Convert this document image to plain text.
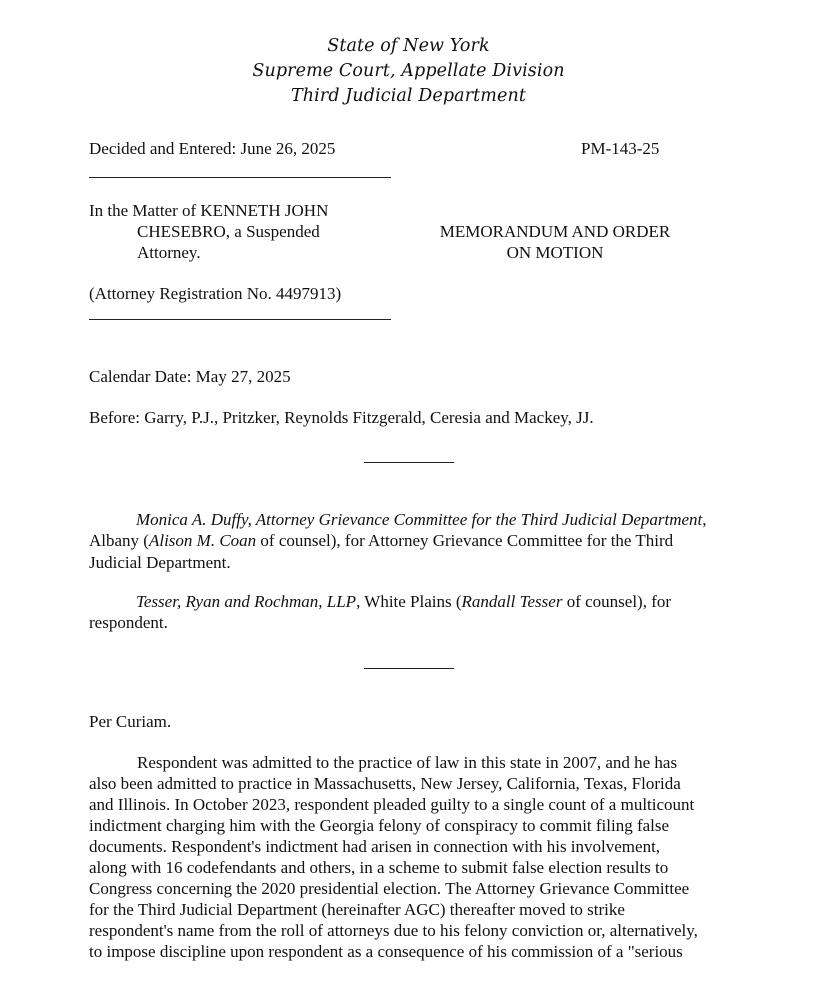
State of New York
Supreme Court, Appellate Division
Third Judicial Department
Decided and Entered: June 26, 2025	PM-143-25
In the Matter of KENNETH JOHN
CHESEBRO, a Suspended
Attorney.
MEMORANDUM AND ORDER
ON MOTION
(Attorney Registration No. 4497913)
Calendar Date: May 27, 2025
Before: Garry, P.J., Pritzker, Reynolds Fitzgerald, Ceresia and Mackey, JJ.
Monica A. Duffy, Attorney Grievance Committee for the Third Judicial Department, Albany (Alison M. Coan of counsel), for Attorney Grievance Committee for the Third Judicial Department.
Tesser, Ryan and Rochman, LLP, White Plains (Randall Tesser of counsel), for respondent.
Per Curiam.
Respondent was admitted to the practice of law in this state in 2007, and he has
also been admitted to practice in Massachusetts, New Jersey, California, Texas, Florida
and Illinois. In October 2023, respondent pleaded guilty to a single count of a multicount
indictment charging him with the Georgia felony of conspiracy to commit filing false
documents. Respondent's indictment had arisen in connection with his involvement,
along with 16 codefendants and others, in a scheme to submit false election results to
Congress concerning the 2020 presidential election. The Attorney Grievance Committee
for the Third Judicial Department (hereinafter AGC) thereafter moved to strike
respondent's name from the roll of attorneys due to his felony conviction or, alternatively,
to impose discipline upon respondent as a consequence of his commission of a "serious
